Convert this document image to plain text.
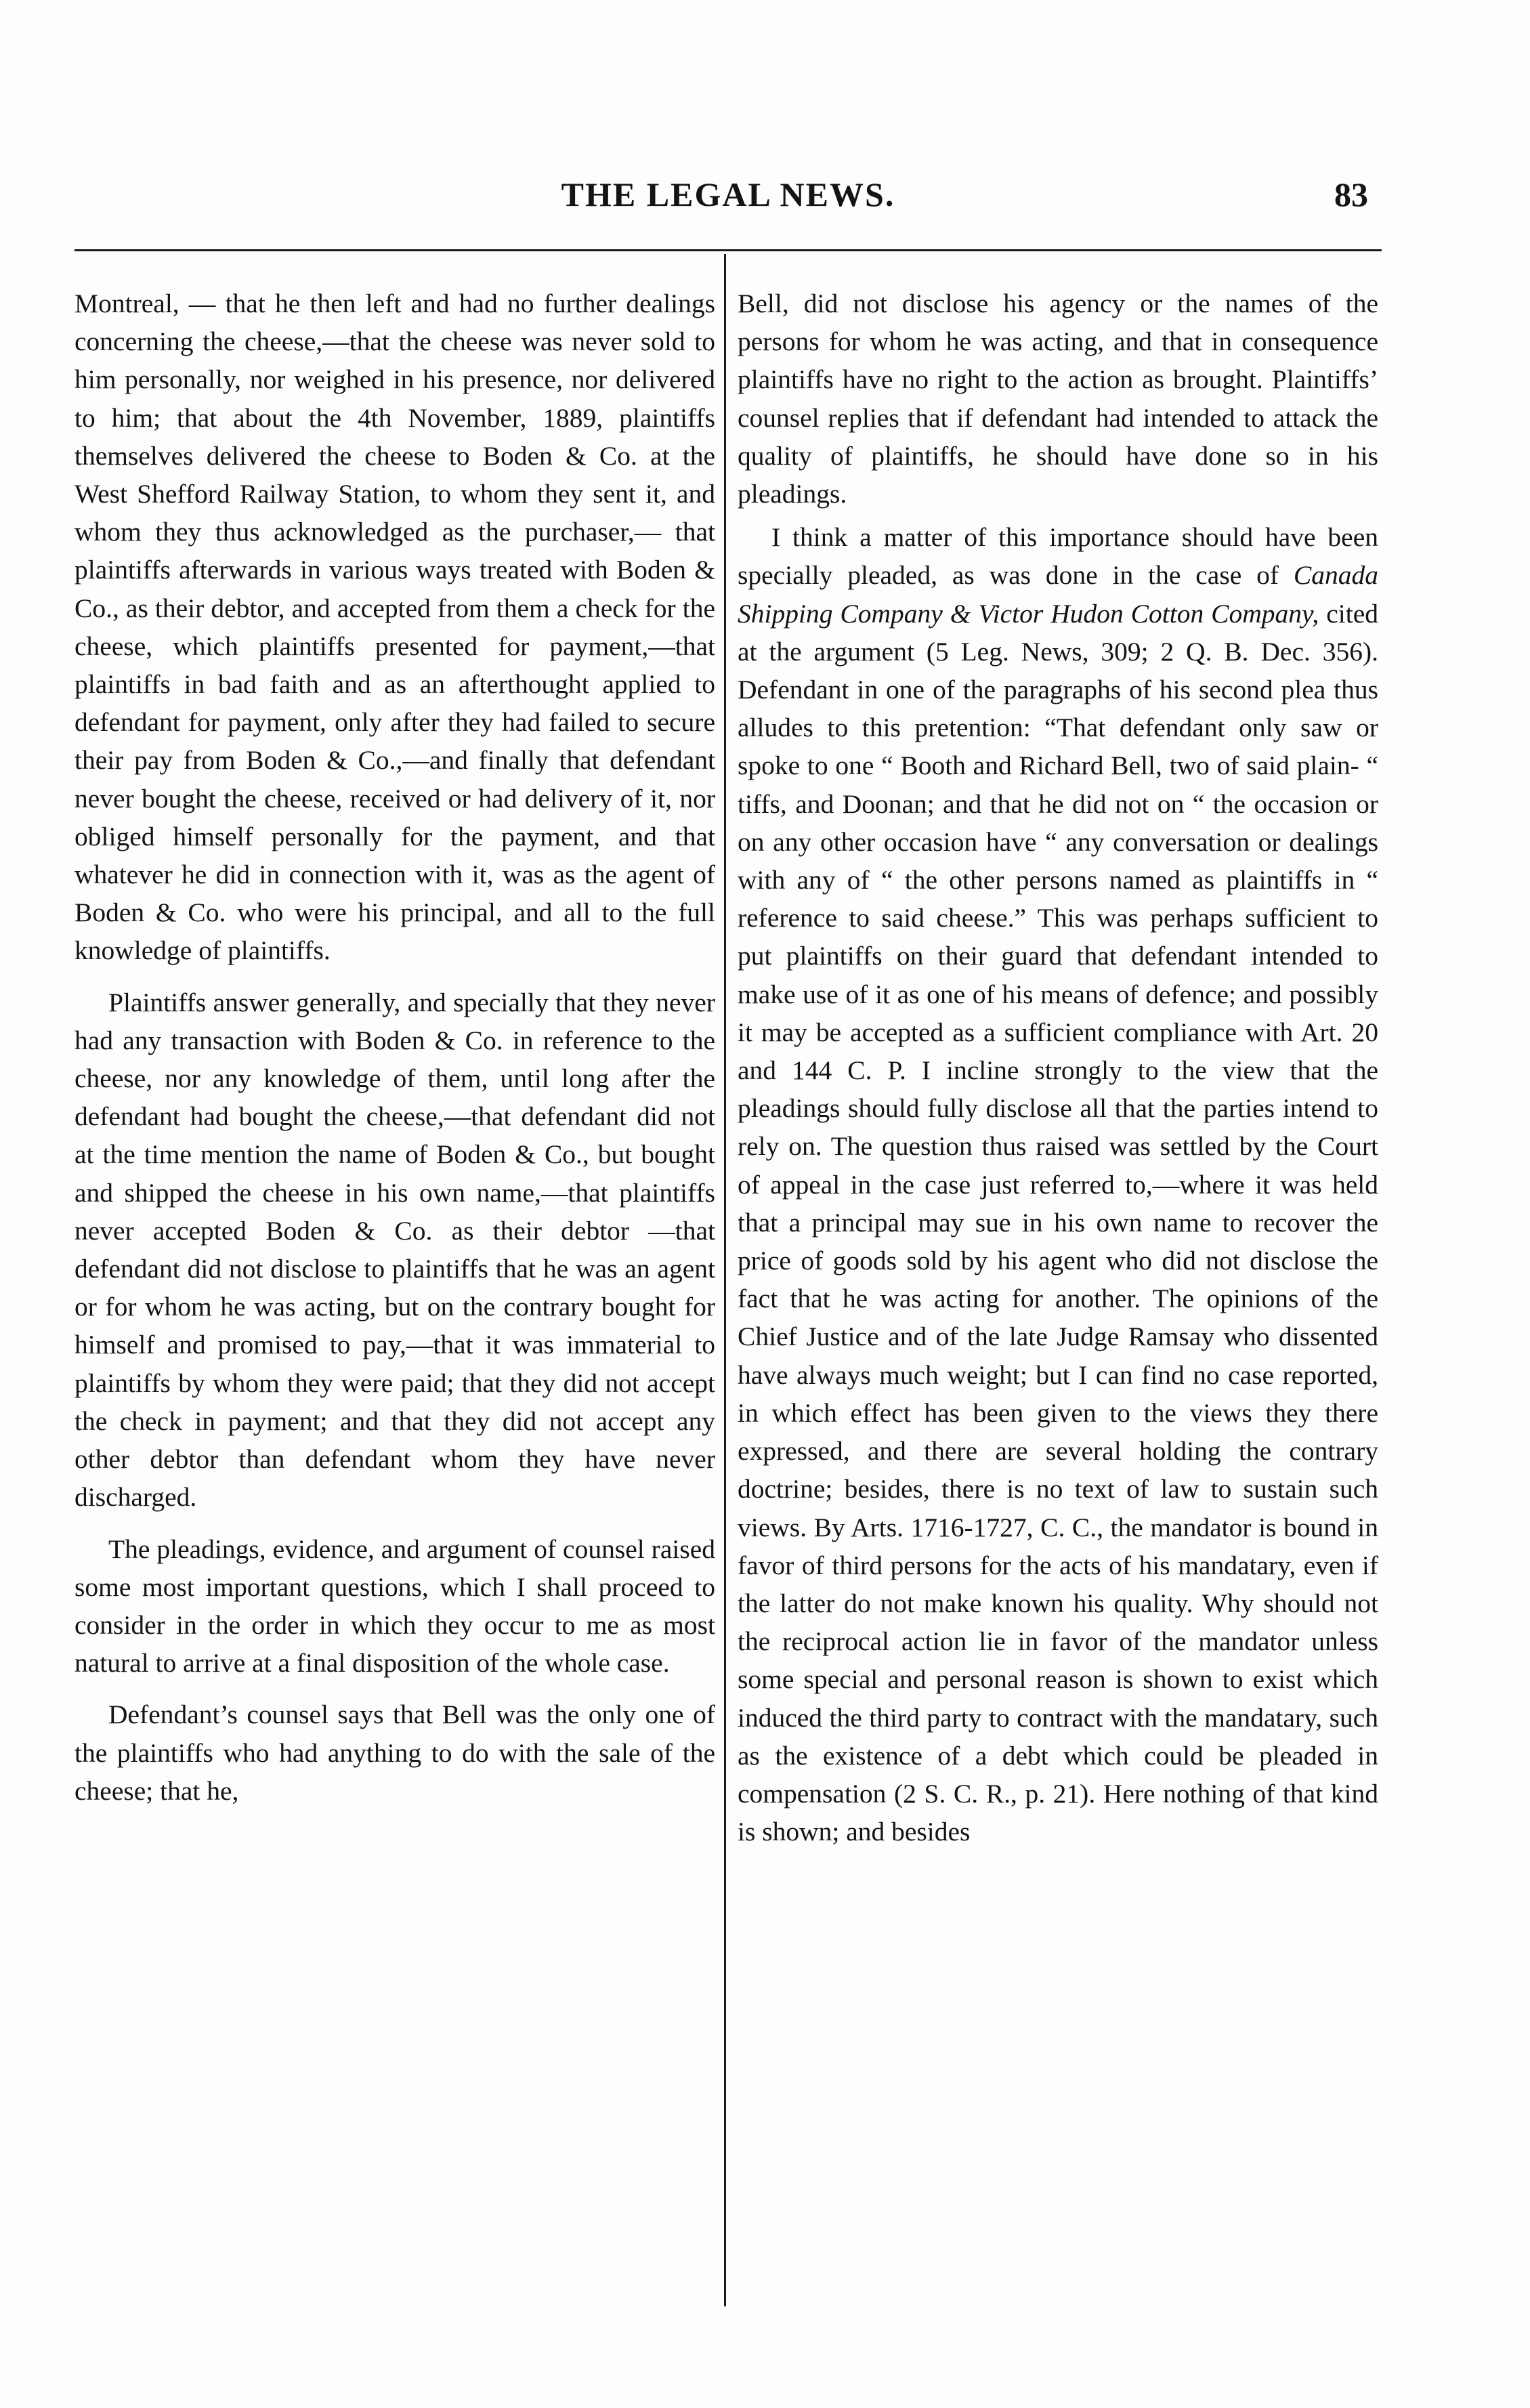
THE LEGAL NEWS.	83

Montreal, — that he then left and had no further dealings concerning the cheese,—that the cheese was never sold to him personally, nor weighed in his presence, nor delivered to him; that about the 4th November, 1889, plaintiffs themselves delivered the cheese to Boden & Co. at the West Shefford Railway Station, to whom they sent it, and whom they thus acknowledged as the purchaser,— that plaintiffs afterwards in various ways treated with Boden & Co., as their debtor, and accepted from them a check for the cheese, which plaintiffs presented for payment,—that plaintiffs in bad faith and as an afterthought applied to defendant for payment, only after they had failed to secure their pay from Boden & Co.,—and finally that defendant never bought the cheese, received or had delivery of it, nor obliged himself personally for the payment, and that whatever he did in connection with it, was as the agent of Boden & Co. who were his principal, and all to the full knowledge of plaintiffs.

Plaintiffs answer generally, and specially that they never had any transaction with Boden & Co. in reference to the cheese, nor any knowledge of them, until long after the defendant had bought the cheese,—that defendant did not at the time mention the name of Boden & Co., but bought and shipped the cheese in his own name,—that plaintiffs never accepted Boden & Co. as their debtor —that defendant did not disclose to plaintiffs that he was an agent or for whom he was acting, but on the contrary bought for himself and promised to pay,—that it was immaterial to plaintiffs by whom they were paid; that they did not accept the check in payment; and that they did not accept any other debtor than defendant whom they have never discharged.

The pleadings, evidence, and argument of counsel raised some most important questions, which I shall proceed to consider in the order in which they occur to me as most natural to arrive at a final disposition of the whole case.

Defendant’s counsel says that Bell was the only one of the plaintiffs who had anything to do with the sale of the cheese; that he,

Bell, did not disclose his agency or the names of the persons for whom he was acting, and that in consequence plaintiffs have no right to the action as brought. Plaintiffs’ counsel replies that if defendant had intended to attack the quality of plaintiffs, he should have done so in his pleadings.

I think a matter of this importance should have been specially pleaded, as was done in the case of Canada Shipping Company & Victor Hudon Cotton Company, cited at the argument (5 Leg. News, 309; 2 Q. B. Dec. 356). Defendant in one of the paragraphs of his second plea thus alludes to this pretention: “That defendant only saw or spoke to one “ Booth and Richard Bell, two of said plain- “ tiffs, and Doonan; and that he did not on “ the occasion or on any other occasion have “ any conversation or dealings with any of “ the other persons named as plaintiffs in “ reference to said cheese.” This was perhaps sufficient to put plaintiffs on their guard that defendant intended to make use of it as one of his means of defence; and possibly it may be accepted as a sufficient compliance with Art. 20 and 144 C. P. I incline strongly to the view that the pleadings should fully disclose all that the parties intend to rely on. The question thus raised was settled by the Court of appeal in the case just referred to,—where it was held that a principal may sue in his own name to recover the price of goods sold by his agent who did not disclose the fact that he was acting for another. The opinions of the Chief Justice and of the late Judge Ramsay who dissented have always much weight; but I can find no case reported, in which effect has been given to the views they there expressed, and there are several holding the contrary doctrine; besides, there is no text of law to sustain such views. By Arts. 1716-1727, C. C., the mandator is bound in favor of third persons for the acts of his mandatary, even if the latter do not make known his quality. Why should not the reciprocal action lie in favor of the mandator unless some special and personal reason is shown to exist which induced the third party to contract with the mandatary, such as the existence of a debt which could be pleaded in compensation (2 S. C. R., p. 21). Here nothing of that kind is shown; and besides
